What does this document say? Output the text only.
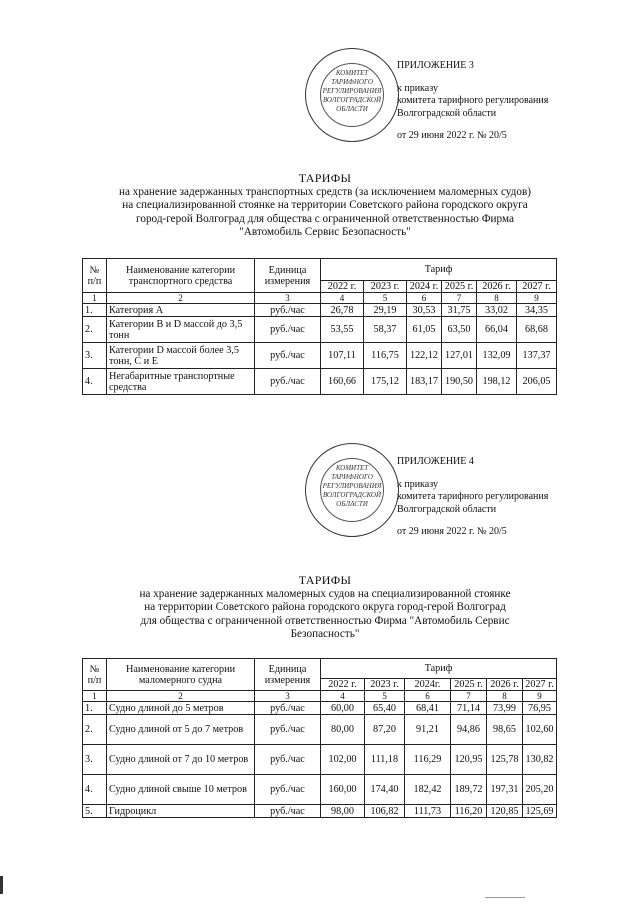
КОМИТЕТ
ТАРИФНОГО
РЕГУЛИРОВАНИЯ
ВОЛГОГРАДСКОЙ
ОБЛАСТИ
ПРИЛОЖЕНИЕ 3
к приказу
комитета тарифного регулирования
Волгоградской области
от 29 июня 2022 г. № 20/5
ТАРИФЫ
на хранение задержанных транспортных средств (за исключением маломерных судов)
на специализированной стоянке на территории Советского района городского округа
город-герой Волгоград для общества с ограниченной ответственностью Фирма
"Автомобиль Сервис Безопасность"
№ п/п	Наименование категории транспортного средства	Единица измерения	Тариф					
			2022 г.	2023 г.	2024 г.	2025 г.	2026 г.	2027 г.
1	2	3	4	5	6	7	8	9
1.	Категория А	руб./час	26,78	29,19	30,53	31,75	33,02	34,35
2.	Категории В и D массой до 3,5 тонн	руб./час	53,55	58,37	61,05	63,50	66,04	68,68
3.	Категории D массой более 3,5 тонн, С и Е	руб./час	107,11	116,75	122,12	127,01	132,09	137,37
4.	Негабаритные транспортные средства	руб./час	160,66	175,12	183,17	190,50	198,12	206,05
КОМИТЕТ
ТАРИФНОГО
РЕГУЛИРОВАНИЯ
ВОЛГОГРАДСКОЙ
ОБЛАСТИ
ПРИЛОЖЕНИЕ 4
к приказу
комитета тарифного регулирования
Волгоградской области
от 29 июня 2022 г. № 20/5
ТАРИФЫ
на хранение задержанных маломерных судов на специализированной стоянке
на территории Советского района городского округа город-герой Волгоград
для общества с ограниченной ответственностью Фирма "Автомобиль Сервис
Безопасность"
№ п/п	Наименование категории маломерного судна	Единица измерения	Тариф					
			2022 г.	2023 г.	2024г.	2025 г.	2026 г.	2027 г.
1	2	3	4	5	6	7	8	9
1.	Судно длиной до 5 метров	руб./час	60,00	65,40	68,41	71,14	73,99	76,95
2.	Судно длиной от 5 до 7 метров	руб./час	80,00	87,20	91,21	94,86	98,65	102,60
3.	Судно длиной от 7 до 10 метров	руб./час	102,00	111,18	116,29	120,95	125,78	130,82
4.	Судно длиной свыше 10 метров	руб./час	160,00	174,40	182,42	189,72	197,31	205,20
5.	Гидроцикл	руб./час	98,00	106,82	111,73	116,20	120,85	125,69
